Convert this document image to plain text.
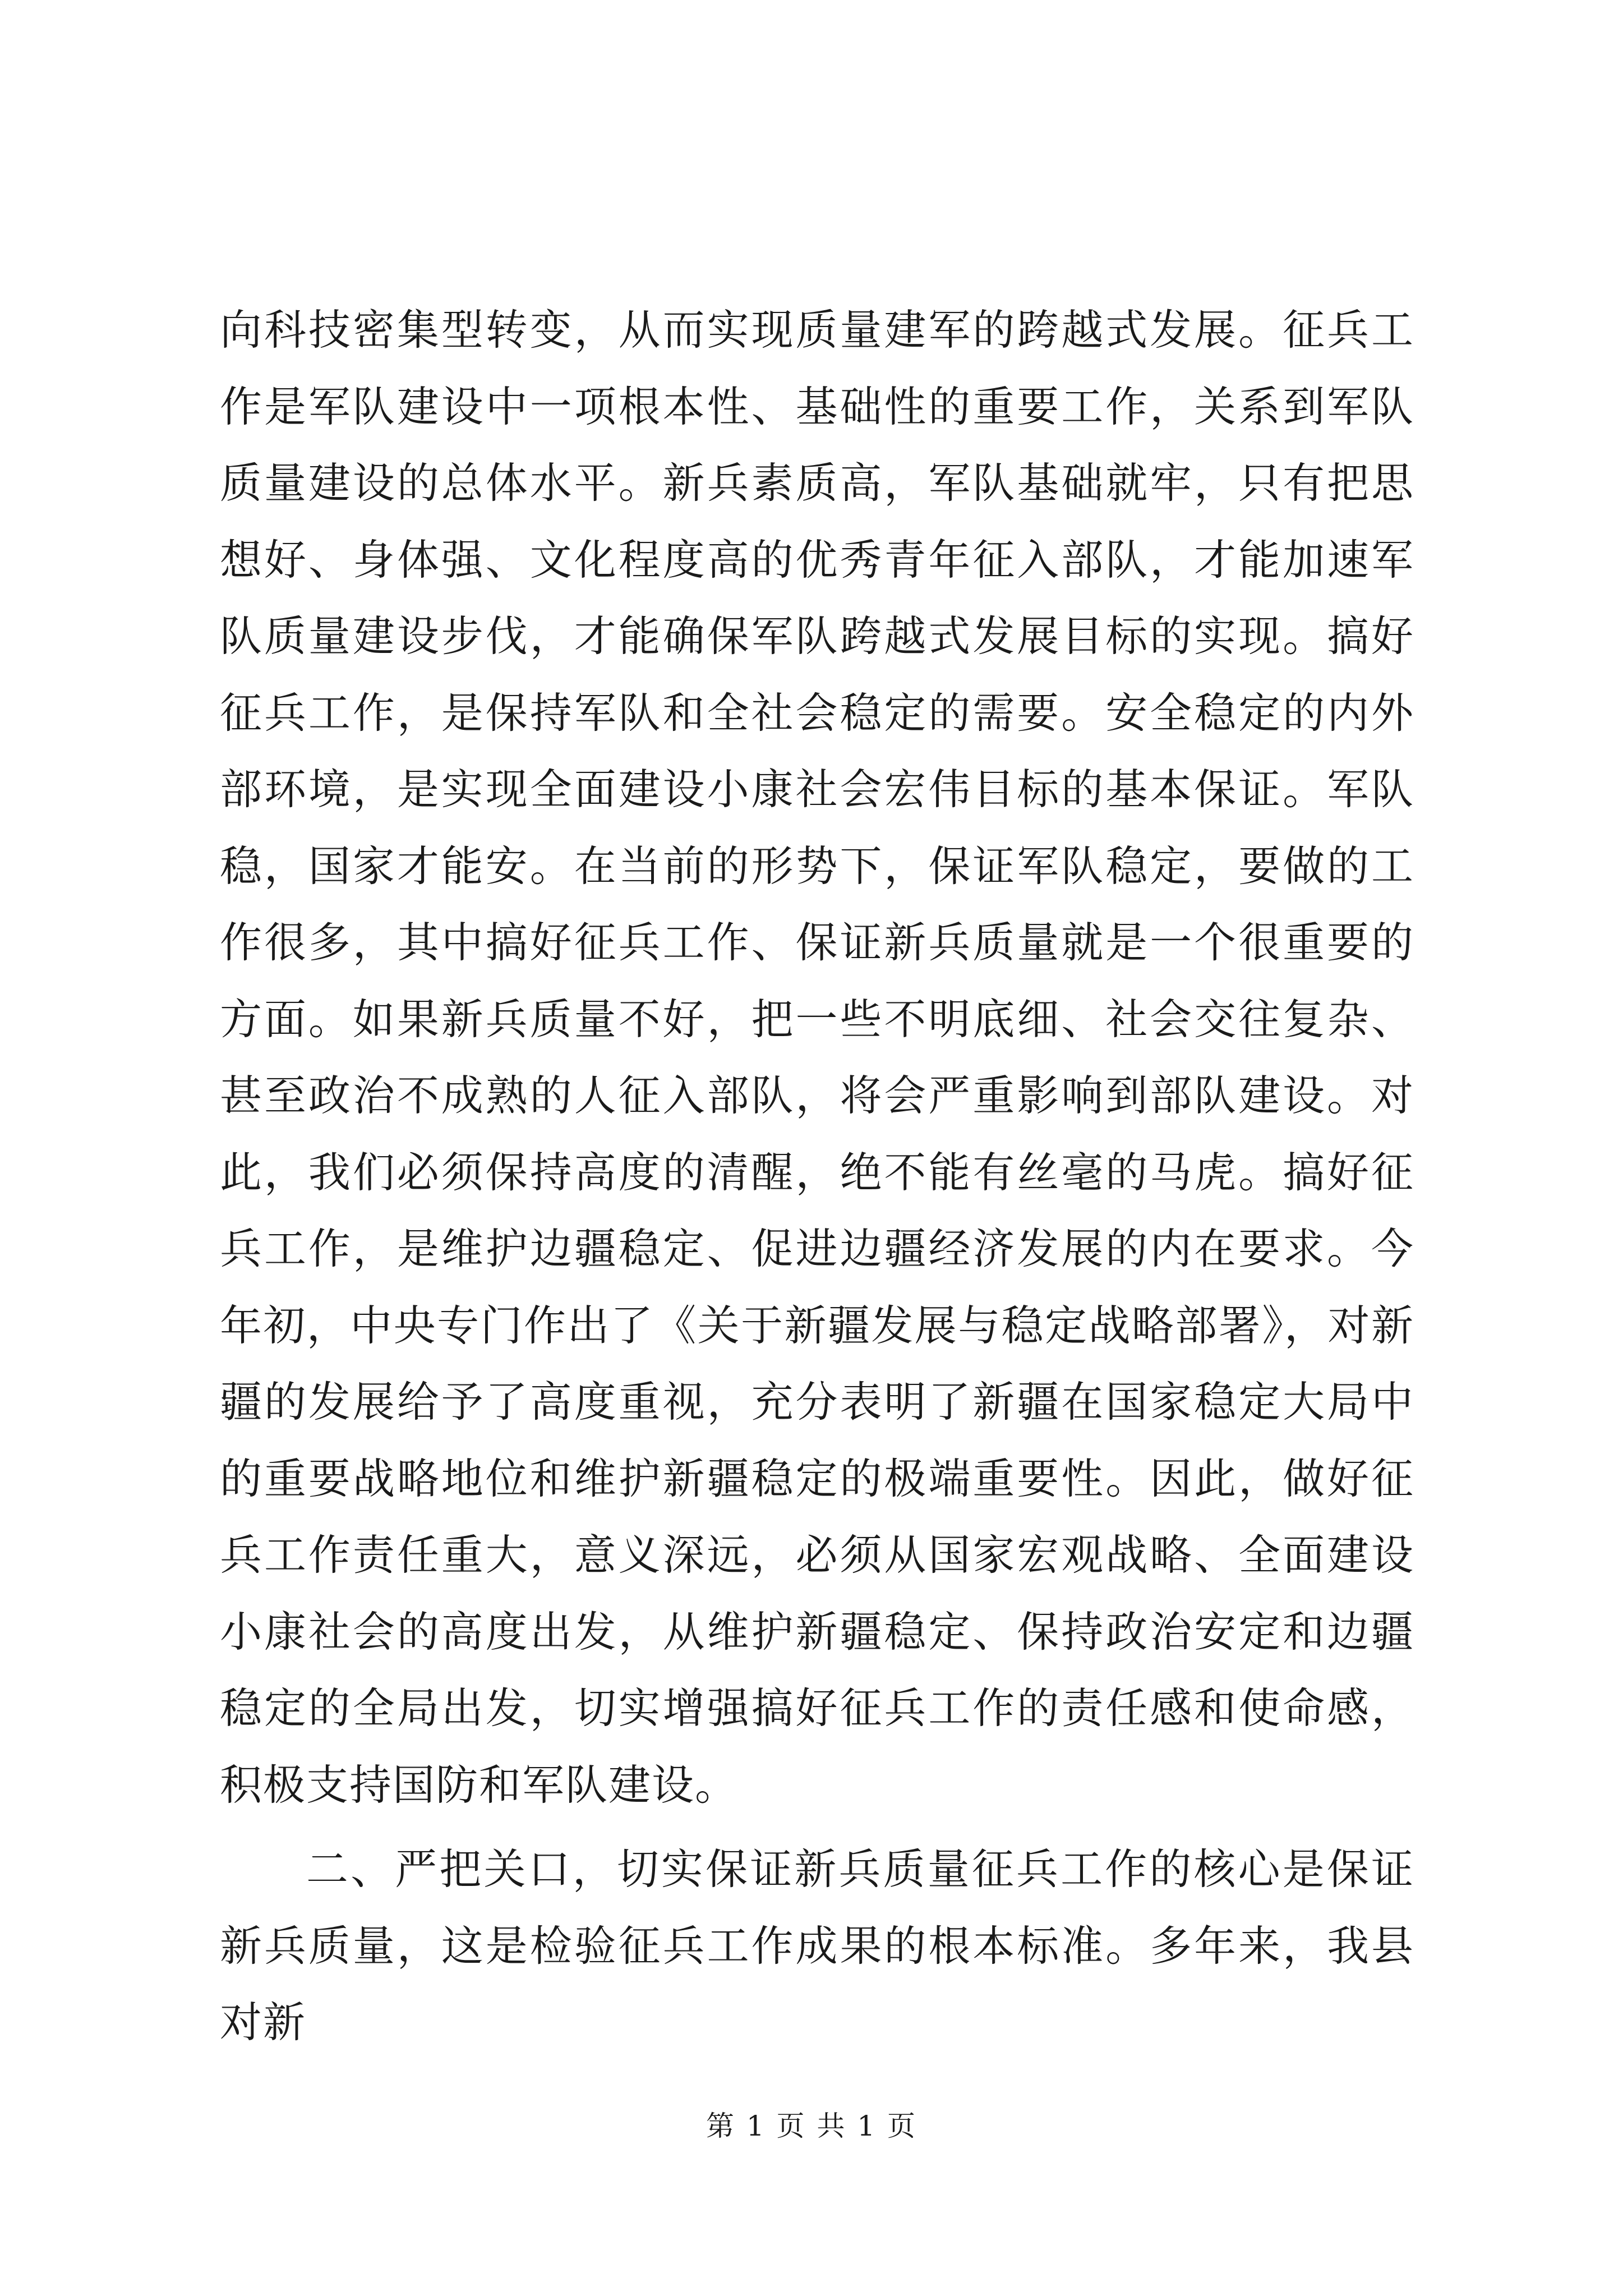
向科技密集型转变，从而实现质量建军的跨越式发展。征兵工作是军队建设中一项根本性、基础性的重要工作，关系到军队质量建设的总体水平。新兵素质高，军队基础就牢，只有把思想好、身体强、文化程度高的优秀青年征入部队，才能加速军队质量建设步伐，才能确保军队跨越式发展目标的实现。搞好征兵工作，是保持军队和全社会稳定的需要。安全稳定的内外部环境，是实现全面建设小康社会宏伟目标的基本保证。军队稳，国家才能安。在当前的形势下，保证军队稳定，要做的工作很多，其中搞好征兵工作、保证新兵质量就是一个很重要的方面。如果新兵质量不好，把一些不明底细、社会交往复杂、甚至政治不成熟的人征入部队，将会严重影响到部队建设。对此，我们必须保持高度的清醒，绝不能有丝毫的马虎。搞好征兵工作，是维护边疆稳定、促进边疆经济发展的内在要求。今年初，中央专门作出了《关于新疆发展与稳定战略部署》，对新疆的发展给予了高度重视，充分表明了新疆在国家稳定大局中的重要战略地位和维护新疆稳定的极端重要性。因此，做好征兵工作责任重大，意义深远，必须从国家宏观战略、全面建设小康社会的高度出发，从维护新疆稳定、保持政治安定和边疆稳定的全局出发，切实增强搞好征兵工作的责任感和使命感，积极支持国防和军队建设。

二、严把关口，切实保证新兵质量征兵工作的核心是保证新兵质量，这是检验征兵工作成果的根本标准。多年来，我县对新

第 1 页 共 1 页
